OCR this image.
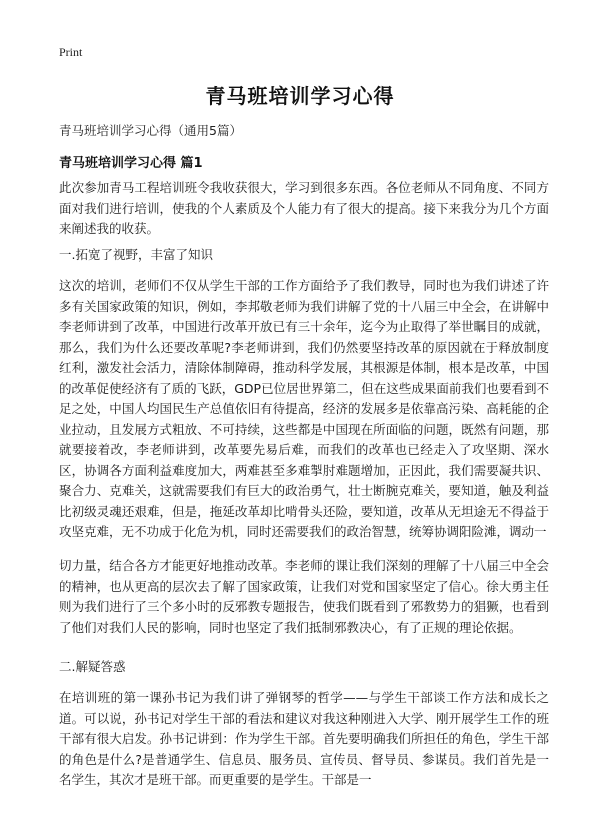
Print
青马班培训学习心得
青马班培训学习心得（通用5篇）
青马班培训学习心得 篇1

此次参加青马工程培训班令我收获很大，学习到很多东西。各位老师从不同角度、不同方面对我们进行培训，使我的个人素质及个人能力有了很大的提高。接下来我分为几个方面来阐述我的收获。

一.拓宽了视野，丰富了知识

这次的培训，老师们不仅从学生干部的工作方面给予了我们教导，同时也为我们讲述了许多有关国家政策的知识，例如，李邦敬老师为我们讲解了党的十八届三中全会，在讲解中李老师讲到了改革，中国进行改革开放已有三十余年，迄今为止取得了举世瞩目的成就，那么，我们为什么还要改革呢?李老师讲到，我们仍然要坚持改革的原因就在于释放制度红利，激发社会活力，清除体制障碍，推动科学发展，其根源是体制，根本是改革，中国的改革促使经济有了质的飞跃，GDP已位居世界第二，但在这些成果面前我们也要看到不足之处，中国人均国民生产总值依旧有待提高，经济的发展多是依靠高污染、高耗能的企业拉动，且发展方式粗放、不可持续，这些都是中国现在所面临的问题，既然有问题，那就要接着改，李老师讲到，改革要先易后难，而我们的改革也已经走入了攻坚期、深水区，协调各方面利益难度加大，两难甚至多难掣肘难题增加，正因此，我们需要凝共识、聚合力、克难关，这就需要我们有巨大的政治勇气，壮士断腕克难关，要知道，触及利益比初级灵魂还艰难，但是，拖延改革却比啃骨头还险，要知道，改革从无坦途无不得益于攻坚克难，无不功成于化危为机，同时还需要我们的政治智慧，统筹协调阳险滩，调动一

切力量，结合各方才能更好地推动改革。李老师的课让我们深刻的理解了十八届三中全会的精神，也从更高的层次去了解了国家政策，让我们对党和国家坚定了信心。徐大勇主任则为我们进行了三个多小时的反邪教专题报告，使我们既看到了邪教势力的猖獗，也看到了他们对我们人民的影响，同时也坚定了我们抵制邪教决心，有了正规的理论依据。

二.解疑答惑

在培训班的第一课孙书记为我们讲了弹钢琴的哲学——与学生干部谈工作方法和成长之道。可以说，孙书记对学生干部的看法和建议对我这种刚进入大学、刚开展学生工作的班干部有很大启发。孙书记讲到：作为学生干部。首先要明确我们所担任的角色，学生干部的角色是什么?是普通学生、信息员、服务员、宣传员、督导员、参谋员。我们首先是一名学生，其次才是班干部。而更重要的是学生。干部是一
